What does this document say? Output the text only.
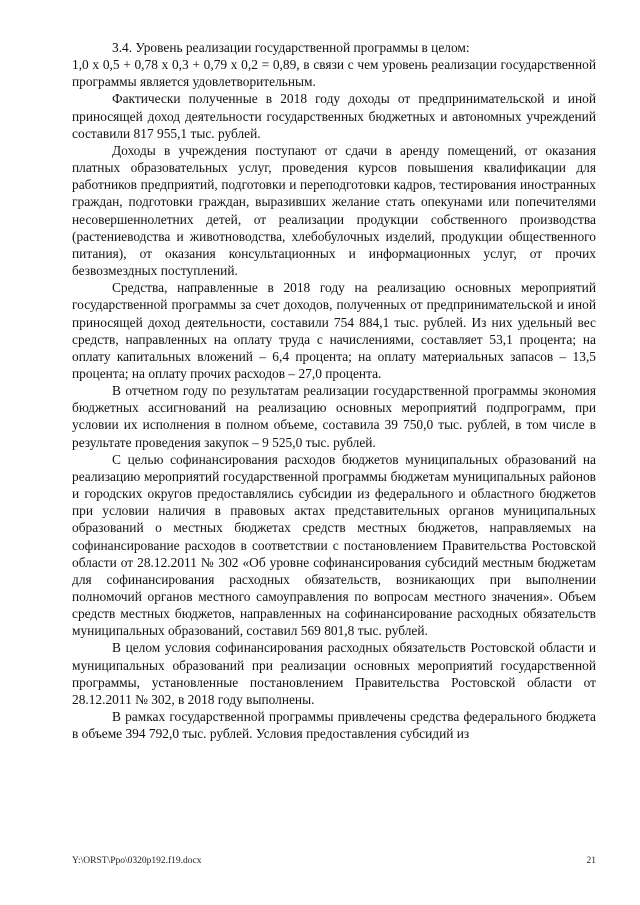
3.4. Уровень реализации государственной программы в целом:

1,0 х 0,5 + 0,78 х 0,3 + 0,79 х 0,2 = 0,89, в связи с чем уровень реализации государственной программы является удовлетворительным.

Фактически полученные в 2018 году доходы от предпринимательской и иной приносящей доход деятельности государственных бюджетных и автономных учреждений составили 817 955,1 тыс. рублей.

Доходы в учреждения поступают от сдачи в аренду помещений, от оказания платных образовательных услуг, проведения курсов повышения квалификации для работников предприятий, подготовки и переподготовки кадров, тестирования иностранных граждан, подготовки граждан, выразивших желание стать опекунами или попечителями несовершеннолетних детей, от реализации продукции собственного производства (растениеводства и животноводства, хлебобулочных изделий, продукции общественного питания), от оказания консультационных и информационных услуг, от прочих безвозмездных поступлений.

Средства, направленные в 2018 году на реализацию основных мероприятий государственной программы за счет доходов, полученных от предпринимательской и иной приносящей доход деятельности, составили 754 884,1 тыс. рублей. Из них удельный вес средств, направленных на оплату труда с начислениями, составляет 53,1 процента; на оплату капитальных вложений – 6,4 процента; на оплату материальных запасов – 13,5 процента; на оплату прочих расходов – 27,0 процента.

В отчетном году по результатам реализации государственной программы экономия бюджетных ассигнований на реализацию основных мероприятий подпрограмм, при условии их исполнения в полном объеме, составила 39 750,0 тыс. рублей, в том числе в результате проведения закупок – 9 525,0 тыс. рублей.

С целью софинансирования расходов бюджетов муниципальных образований на реализацию мероприятий государственной программы бюджетам муниципальных районов и городских округов предоставлялись субсидии из федерального и областного бюджетов при условии наличия в правовых актах представительных органов муниципальных образований о местных бюджетах средств местных бюджетов, направляемых на софинансирование расходов в соответствии с постановлением Правительства Ростовской области от 28.12.2011 № 302 «Об уровне софинансирования субсидий местным бюджетам для софинансирования расходных обязательств, возникающих при выполнении полномочий органов местного самоуправления по вопросам местного значения». Объем средств местных бюджетов, направленных на софинансирование расходных обязательств муниципальных образований, составил 569 801,8 тыс. рублей.

В целом условия софинансирования расходных обязательств Ростовской области и муниципальных образований при реализации основных мероприятий государственной программы, установленные постановлением Правительства Ростовской области от 28.12.2011 № 302, в 2018 году выполнены.

В рамках государственной программы привлечены средства федерального бюджета в объеме 394 792,0 тыс. рублей. Условия предоставления субсидий из

Y:\ORST\Ppo\0320p192.f19.docx	21
